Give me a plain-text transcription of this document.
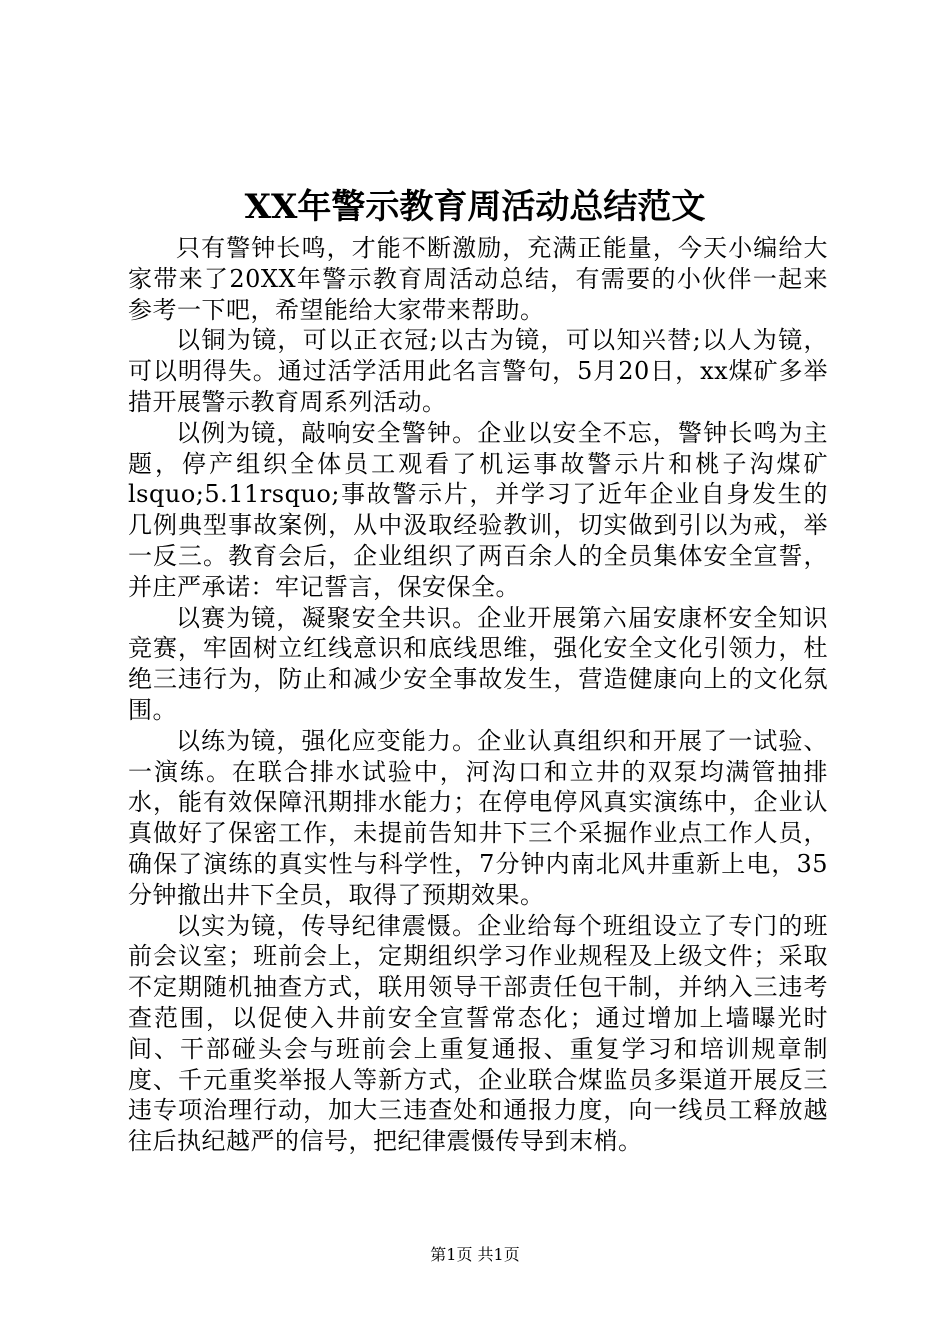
XX年警示教育周活动总结范文

只有警钟长鸣，才能不断激励，充满正能量，今天小编给大家带来了20XX年警示教育周活动总结，有需要的小伙伴一起来参考一下吧，希望能给大家带来帮助。

以铜为镜，可以正衣冠;以古为镜，可以知兴替;以人为镜，可以明得失。通过活学活用此名言警句，5月20日，xx煤矿多举措开展警示教育周系列活动。

以例为镜，敲响安全警钟。企业以安全不忘，警钟长鸣为主题，停产组织全体员工观看了机运事故警示片和桃子沟煤矿lsquo;5.11rsquo;事故警示片，并学习了近年企业自身发生的几例典型事故案例，从中汲取经验教训，切实做到引以为戒，举一反三。教育会后，企业组织了两百余人的全员集体安全宣誓，并庄严承诺：牢记誓言，保安保全。

以赛为镜，凝聚安全共识。企业开展第六届安康杯安全知识竞赛，牢固树立红线意识和底线思维，强化安全文化引领力，杜绝三违行为，防止和减少安全事故发生，营造健康向上的文化氛围。

以练为镜，强化应变能力。企业认真组织和开展了一试验、一演练。在联合排水试验中，河沟口和立井的双泵均满管抽排水，能有效保障汛期排水能力；在停电停风真实演练中，企业认真做好了保密工作，未提前告知井下三个采掘作业点工作人员，确保了演练的真实性与科学性，7分钟内南北风井重新上电，35分钟撤出井下全员，取得了预期效果。

以实为镜，传导纪律震慑。企业给每个班组设立了专门的班前会议室；班前会上，定期组织学习作业规程及上级文件；采取不定期随机抽查方式，联用领导干部责任包干制，并纳入三违考查范围，以促使入井前安全宣誓常态化；通过增加上墙曝光时间、干部碰头会与班前会上重复通报、重复学习和培训规章制度、千元重奖举报人等新方式，企业联合煤监员多渠道开展反三违专项治理行动，加大三违查处和通报力度，向一线员工释放越往后执纪越严的信号，把纪律震慑传导到末梢。

第1页 共1页
